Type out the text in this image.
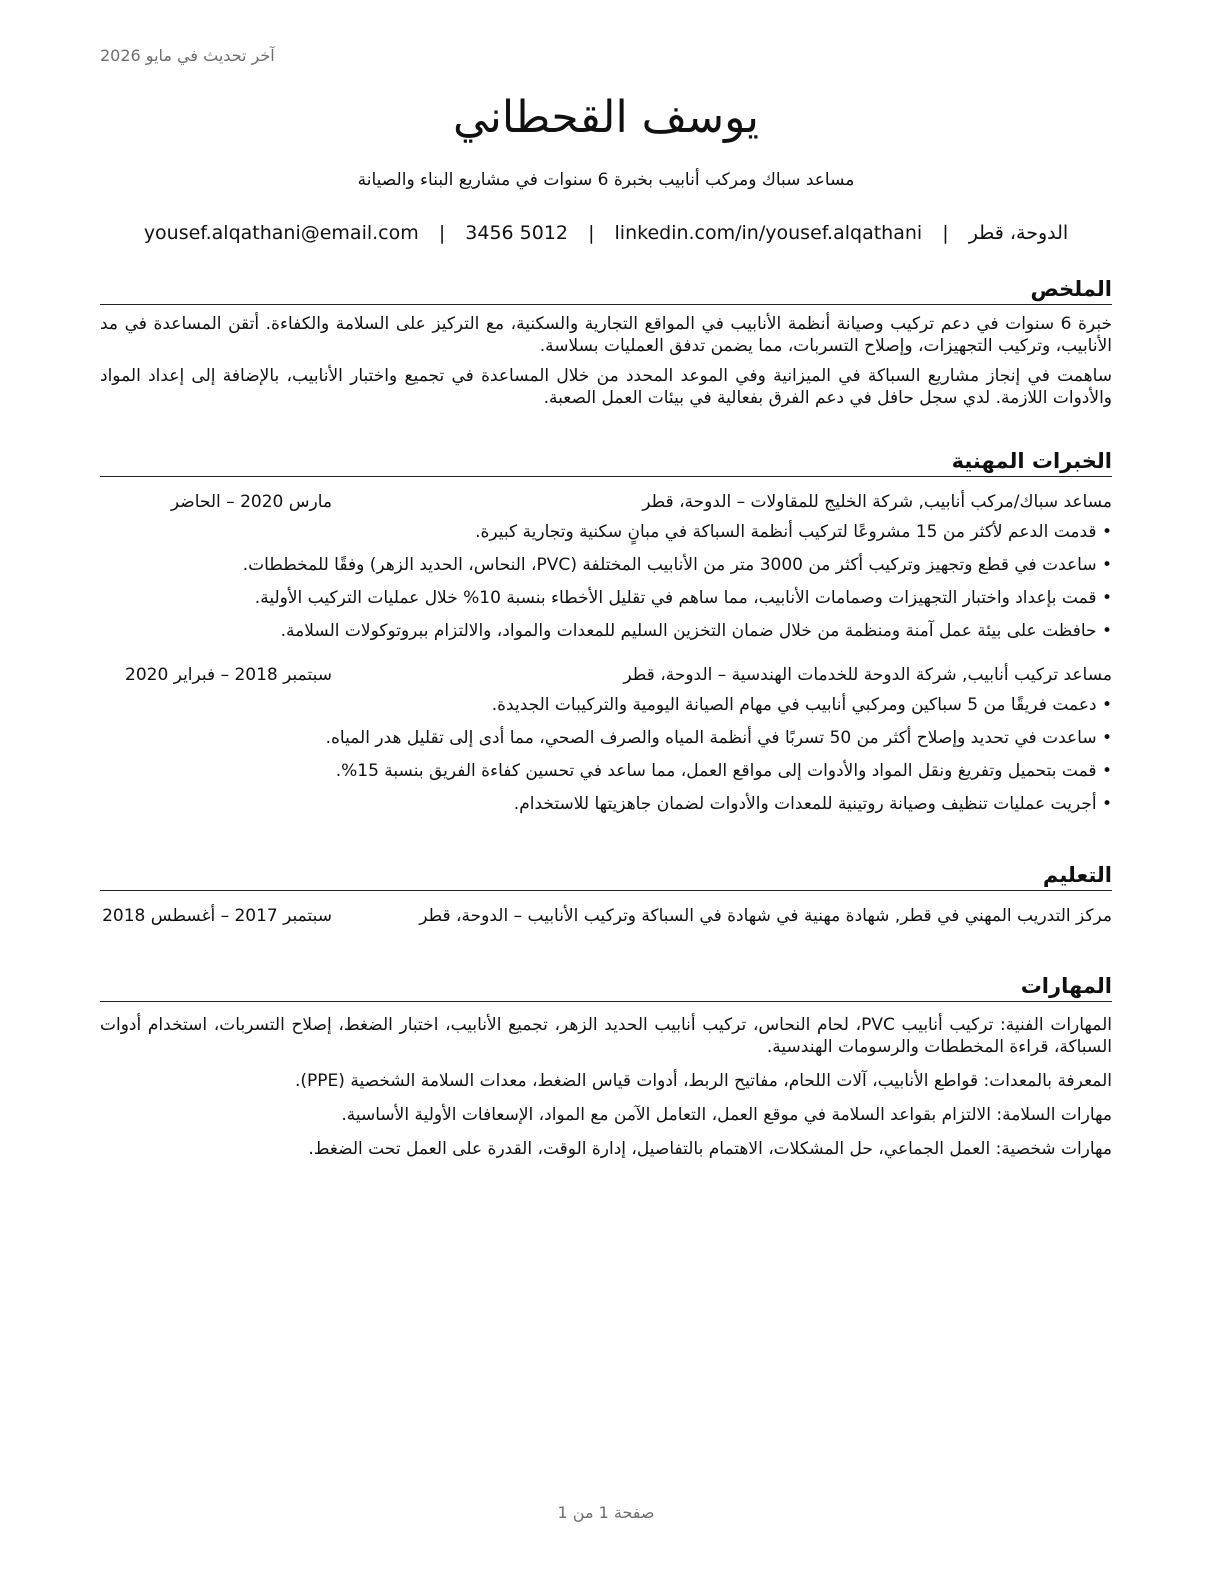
آخر تحديث في مايو 2026
يوسف القحطاني
مساعد سباك ومركب أنابيب بخبرة 6 سنوات في مشاريع البناء والصيانة
الدوحة، قطر | yousef.alqathani@email.com | 3456 5012 | linkedin.com/in/yousef.alqathani
الملخص

خبرة 6 سنوات في دعم تركيب وصيانة أنظمة الأنابيب في المواقع التجارية والسكنية، مع التركيز على السلامة والكفاءة. أتقن المساعدة في مد الأنابيب، وتركيب التجهيزات، وإصلاح التسربات، مما يضمن تدفق العمليات بسلاسة.

ساهمت في إنجاز مشاريع السباكة في الميزانية وفي الموعد المحدد من خلال المساعدة في تجميع واختبار الأنابيب، بالإضافة إلى إعداد المواد والأدوات اللازمة. لدي سجل حافل في دعم الفرق بفعالية في بيئات العمل الصعبة.

الخبرات المهنية
مساعد سباك/مركب أنابيب, شركة الخليج للمقاولات – الدوحة، قطر
مارس 2020 – الحاضر
• قدمت الدعم لأكثر من 15 مشروعًا لتركيب أنظمة السباكة في مبانٍ سكنية وتجارية كبيرة.
• ساعدت في قطع وتجهيز وتركيب أكثر من 3000 متر من الأنابيب المختلفة (PVC، النحاس، الحديد الزهر) وفقًا للمخططات.
• قمت بإعداد واختبار التجهيزات وصمامات الأنابيب، مما ساهم في تقليل الأخطاء بنسبة 10% خلال عمليات التركيب الأولية.
• حافظت على بيئة عمل آمنة ومنظمة من خلال ضمان التخزين السليم للمعدات والمواد، والالتزام ببروتوكولات السلامة.
مساعد تركيب أنابيب, شركة الدوحة للخدمات الهندسية – الدوحة، قطر
سبتمبر 2018 – فبراير 2020
• دعمت فريقًا من 5 سباكين ومركبي أنابيب في مهام الصيانة اليومية والتركيبات الجديدة.
• ساعدت في تحديد وإصلاح أكثر من 50 تسربًا في أنظمة المياه والصرف الصحي، مما أدى إلى تقليل هدر المياه.
• قمت بتحميل وتفريغ ونقل المواد والأدوات إلى مواقع العمل، مما ساعد في تحسين كفاءة الفريق بنسبة 15%.
• أجريت عمليات تنظيف وصيانة روتينية للمعدات والأدوات لضمان جاهزيتها للاستخدام.
التعليم
مركز التدريب المهني في قطر, شهادة مهنية في شهادة في السباكة وتركيب الأنابيب – الدوحة، قطر
سبتمبر 2017 – أغسطس 2018
المهارات

المهارات الفنية: تركيب أنابيب PVC، لحام النحاس، تركيب أنابيب الحديد الزهر، تجميع الأنابيب، اختبار الضغط، إصلاح التسربات، استخدام أدوات السباكة، قراءة المخططات والرسومات الهندسية.

المعرفة بالمعدات: قواطع الأنابيب، آلات اللحام، مفاتيح الربط، أدوات قياس الضغط، معدات السلامة الشخصية (PPE).

مهارات السلامة: الالتزام بقواعد السلامة في موقع العمل، التعامل الآمن مع المواد، الإسعافات الأولية الأساسية.

مهارات شخصية: العمل الجماعي، حل المشكلات، الاهتمام بالتفاصيل، إدارة الوقت، القدرة على العمل تحت الضغط.

صفحة 1 من 1
